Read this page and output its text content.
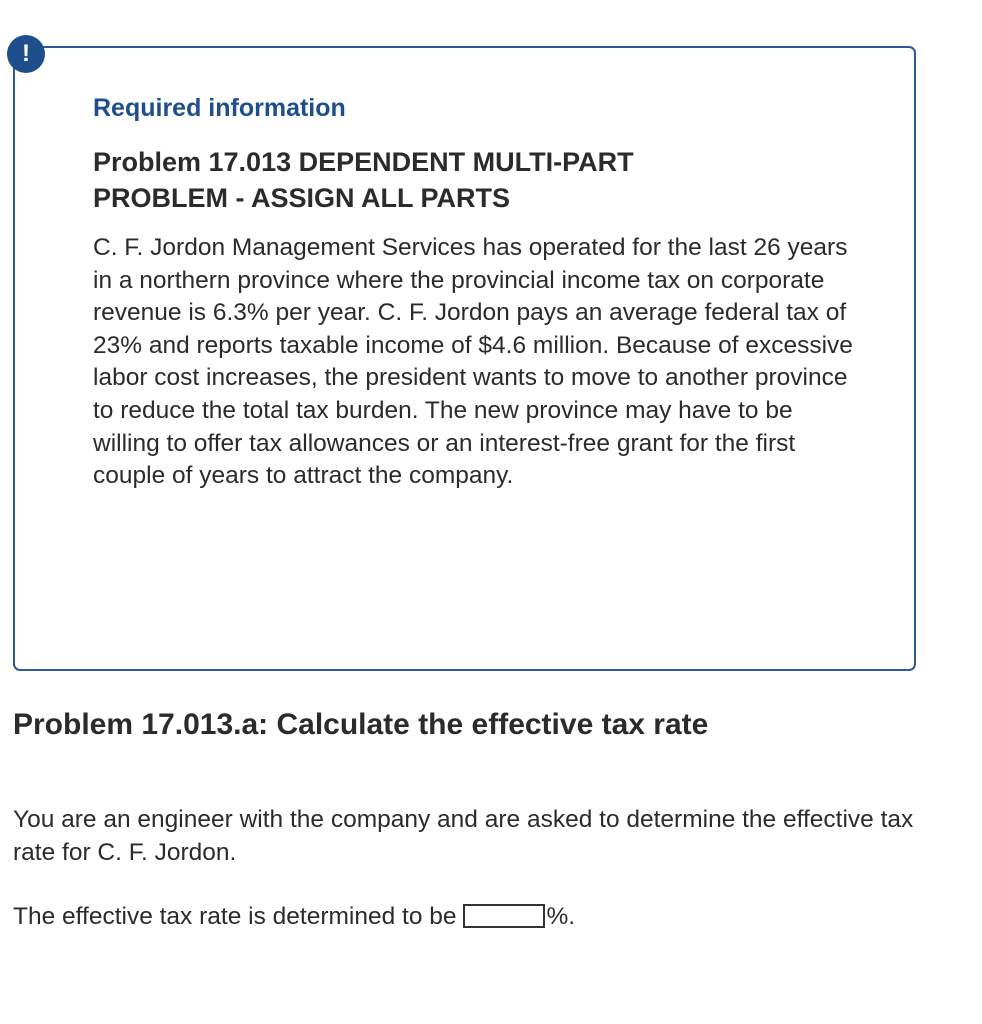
!
Required information
Problem 17.013 DEPENDENT MULTI-PART PROBLEM - ASSIGN ALL PARTS

C. F. Jordon Management Services has operated for the last 26 years in a northern province where the provincial income tax on corporate revenue is 6.3% per year. C. F. Jordon pays an average federal tax of 23% and reports taxable income of $4.6 million. Because of excessive labor cost increases, the president wants to move to another province to reduce the total tax burden. The new province may have to be willing to offer tax allowances or an interest-free grant for the first couple of years to attract the company.

Problem 17.013.a: Calculate the effective tax rate

You are an engineer with the company and are asked to determine the effective tax rate for C. F. Jordon.

The effective tax rate is determined to be	%.
